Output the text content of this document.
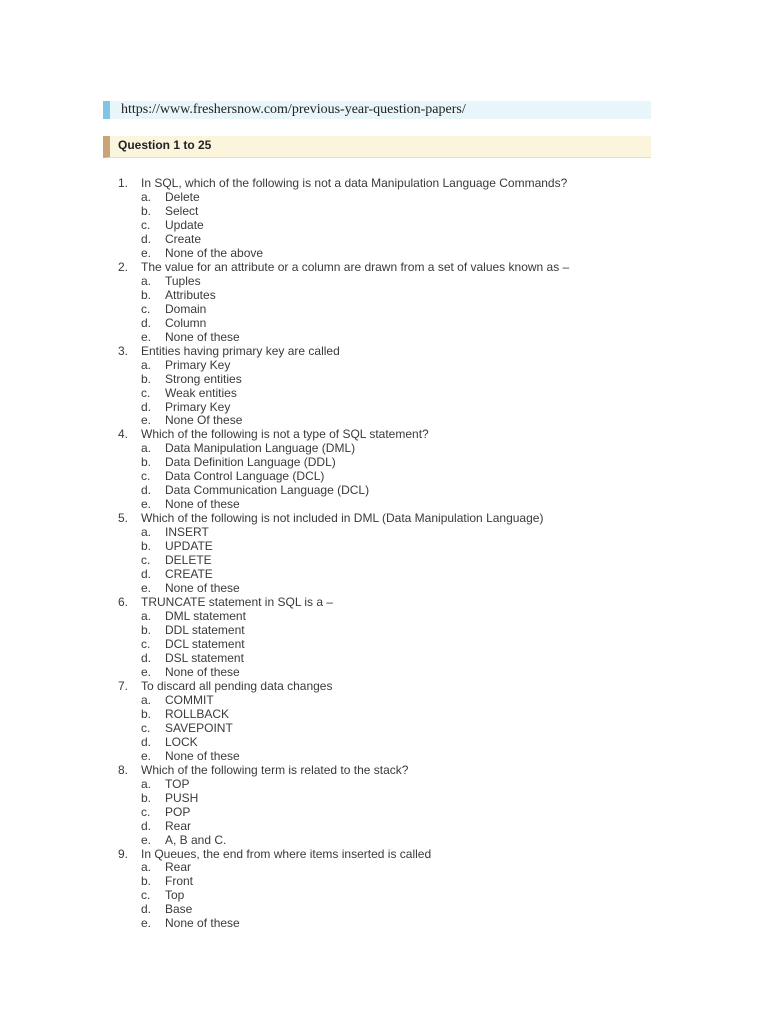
https://www.freshersnow.com/previous-year-question-papers/
Question 1 to 25
1. In SQL, which of the following is not a data Manipulation Language Commands?
a. Delete
b. Select
c. Update
d. Create
e. None of the above
2. The value for an attribute or a column are drawn from a set of values known as –
a. Tuples
b. Attributes
c. Domain
d. Column
e. None of these
3. Entities having primary key are called
a. Primary Key
b. Strong entities
c. Weak entities
d. Primary Key
e. None Of these
4. Which of the following is not a type of SQL statement?
a. Data Manipulation Language (DML)
b. Data Definition Language (DDL)
c. Data Control Language (DCL)
d. Data Communication Language (DCL)
e. None of these
5. Which of the following is not included in DML (Data Manipulation Language)
a. INSERT
b. UPDATE
c. DELETE
d. CREATE
e. None of these
6. TRUNCATE statement in SQL is a –
a. DML statement
b. DDL statement
c. DCL statement
d. DSL statement
e. None of these
7. To discard all pending data changes
a. COMMIT
b. ROLLBACK
c. SAVEPOINT
d. LOCK
e. None of these
8. Which of the following term is related to the stack?
a. TOP
b. PUSH
c. POP
d. Rear
e. A, B and C.
9. In Queues, the end from where items inserted is called
a. Rear
b. Front
c. Top
d. Base
e. None of these
